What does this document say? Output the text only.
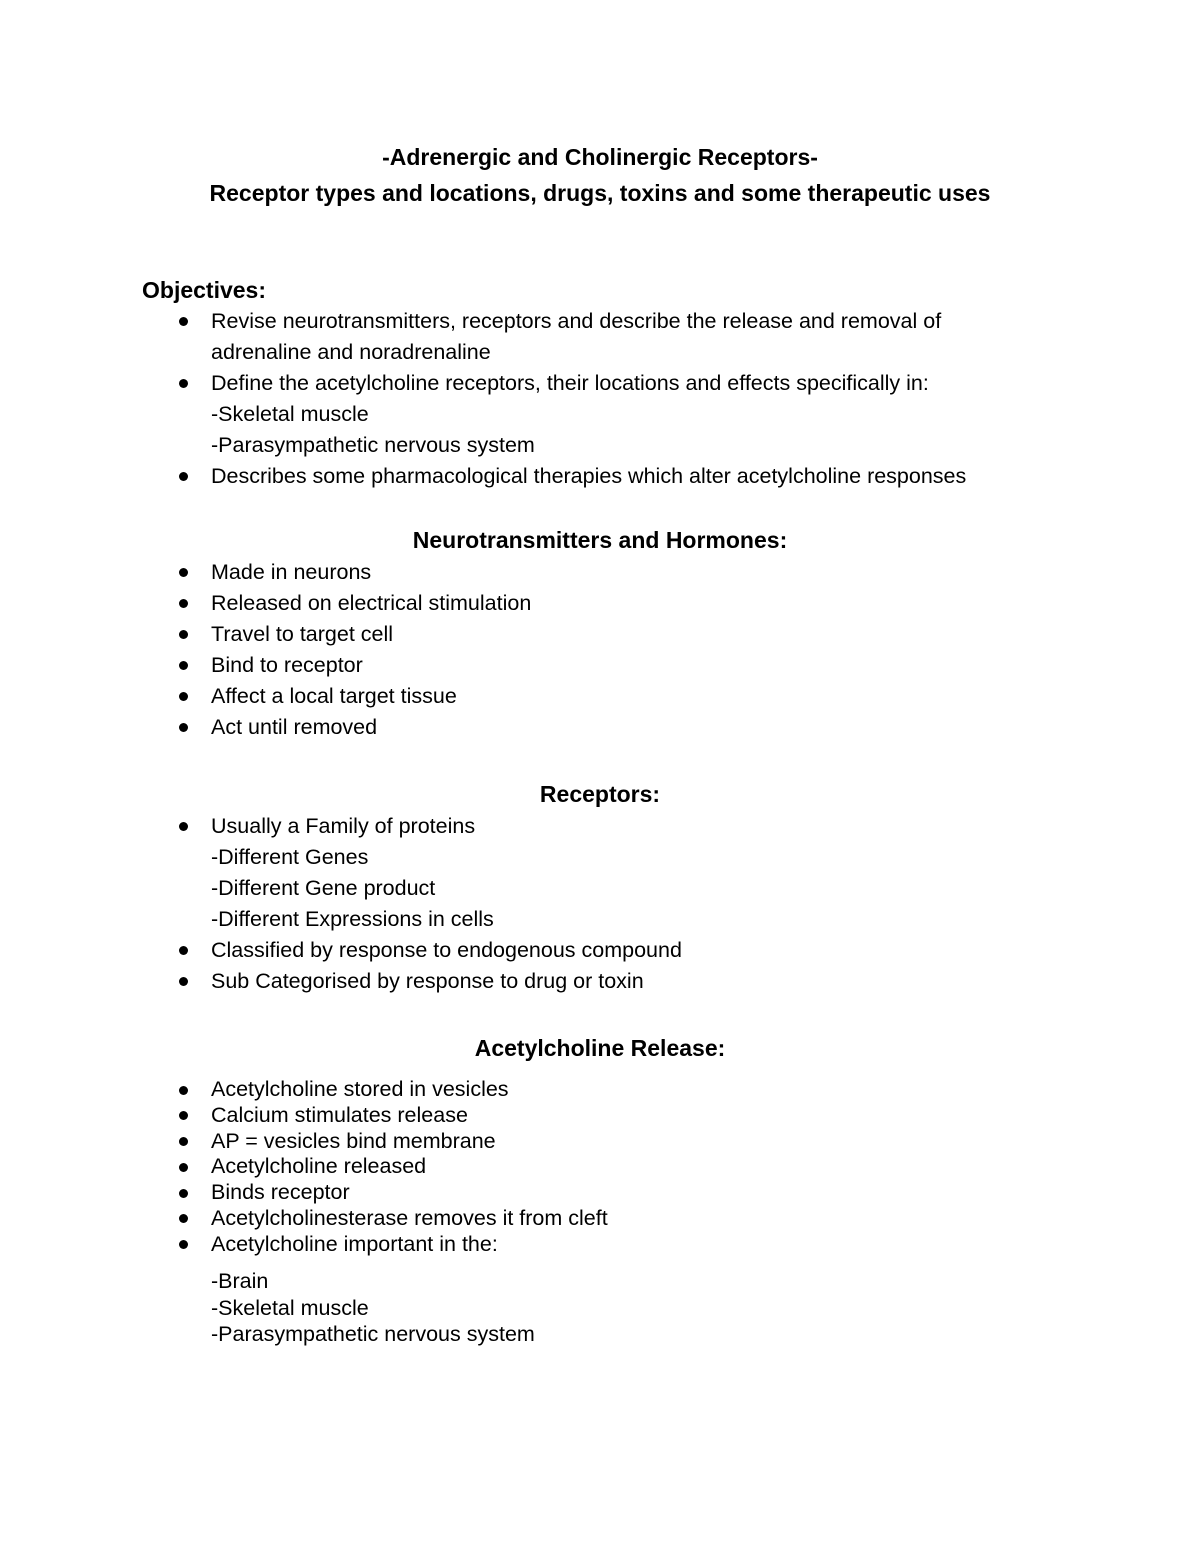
-Adrenergic and Cholinergic Receptors-
Receptor types and locations, drugs, toxins and some therapeutic uses
Objectives:
Revise neurotransmitters, receptors and describe the release and removal of
adrenaline and noradrenaline
Define the acetylcholine receptors, their locations and effects specifically in:
-Skeletal muscle
-Parasympathetic nervous system
Describes some pharmacological therapies which alter acetylcholine responses
Neurotransmitters and Hormones:
Made in neurons
Released on electrical stimulation
Travel to target cell
Bind to receptor
Affect a local target tissue
Act until removed
Receptors:
Usually a Family of proteins
-Different Genes
-Different Gene product
-Different Expressions in cells
Classified by response to endogenous compound
Sub Categorised by response to drug or toxin
Acetylcholine Release:
Acetylcholine stored in vesicles
Calcium stimulates release
AP = vesicles bind membrane
Acetylcholine released
Binds receptor
Acetylcholinesterase removes it from cleft
Acetylcholine important in the:
-Brain
-Skeletal muscle
-Parasympathetic nervous system
